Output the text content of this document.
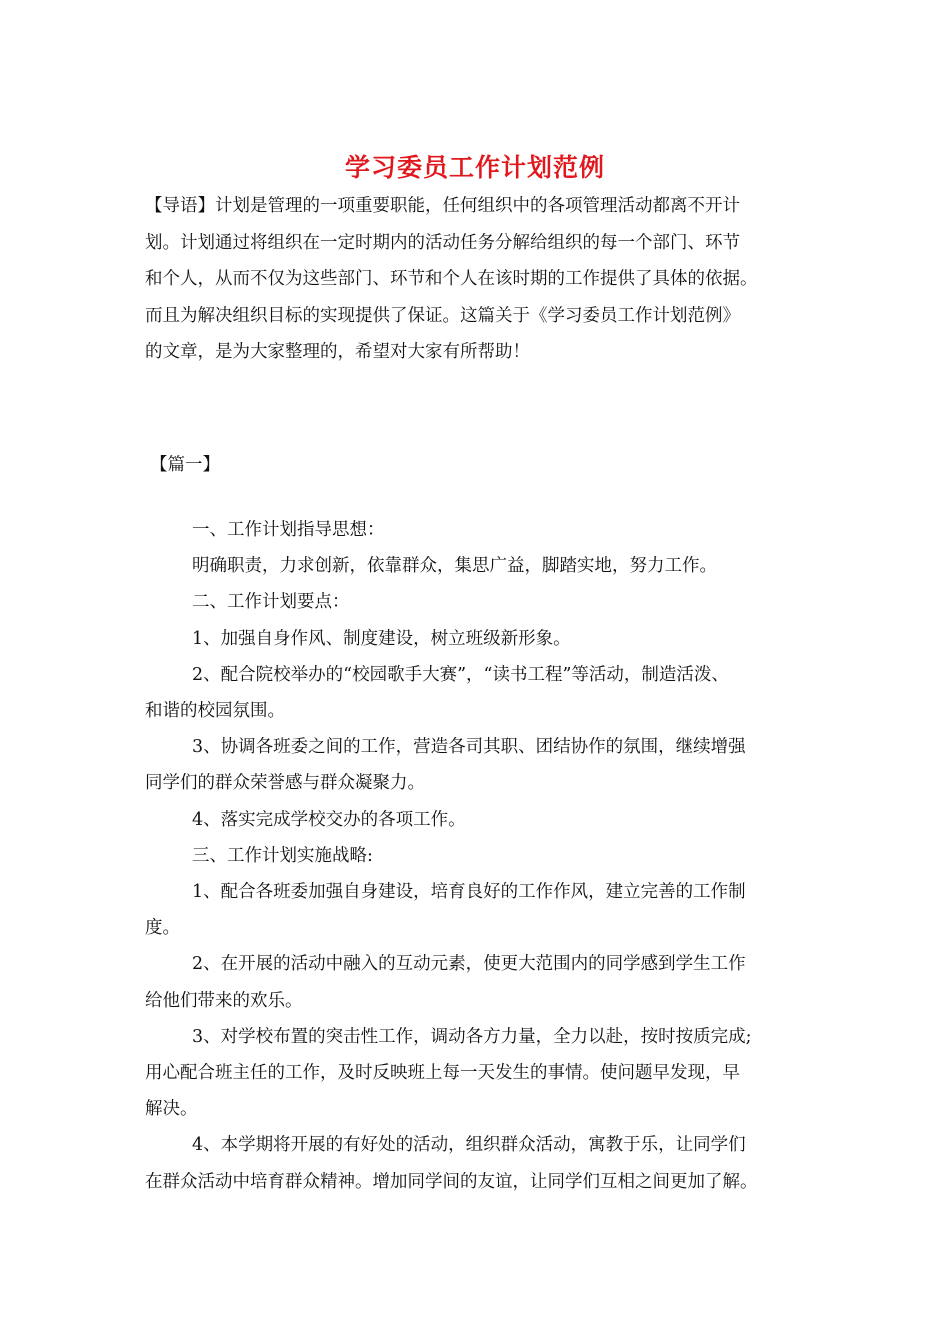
学习委员工作计划范例
【导语】计划是管理的一项重要职能，任何组织中的各项管理活动都离不开计
划。计划通过将组织在一定时期内的活动任务分解给组织的每一个部门、环节
和个人，从而不仅为这些部门、环节和个人在该时期的工作提供了具体的依据。
而且为解决组织目标的实现提供了保证。这篇关于《学习委员工作计划范例》
的文章，是为大家整理的，希望对大家有所帮助！
【篇一】
一、工作计划指导思想：
明确职责，力求创新，依靠群众，集思广益，脚踏实地，努力工作。
二、工作计划要点：
1、加强自身作风、制度建设，树立班级新形象。
2、配合院校举办的“校园歌手大赛”，“读书工程”等活动，制造活泼、
和谐的校园氛围。
3、协调各班委之间的工作，营造各司其职、团结协作的氛围，继续增强
同学们的群众荣誉感与群众凝聚力。
4、落实完成学校交办的各项工作。
三、工作计划实施战略:
1、配合各班委加强自身建设，培育良好的工作作风，建立完善的工作制
度。
2、在开展的活动中融入的互动元素，使更大范围内的同学感到学生工作
给他们带来的欢乐。
3、对学校布置的突击性工作，调动各方力量，全力以赴，按时按质完成;
用心配合班主任的工作，及时反映班上每一天发生的事情。使问题早发现，早
解决。
4、本学期将开展的有好处的活动，组织群众活动，寓教于乐，让同学们
在群众活动中培育群众精神。增加同学间的友谊，让同学们互相之间更加了解。
